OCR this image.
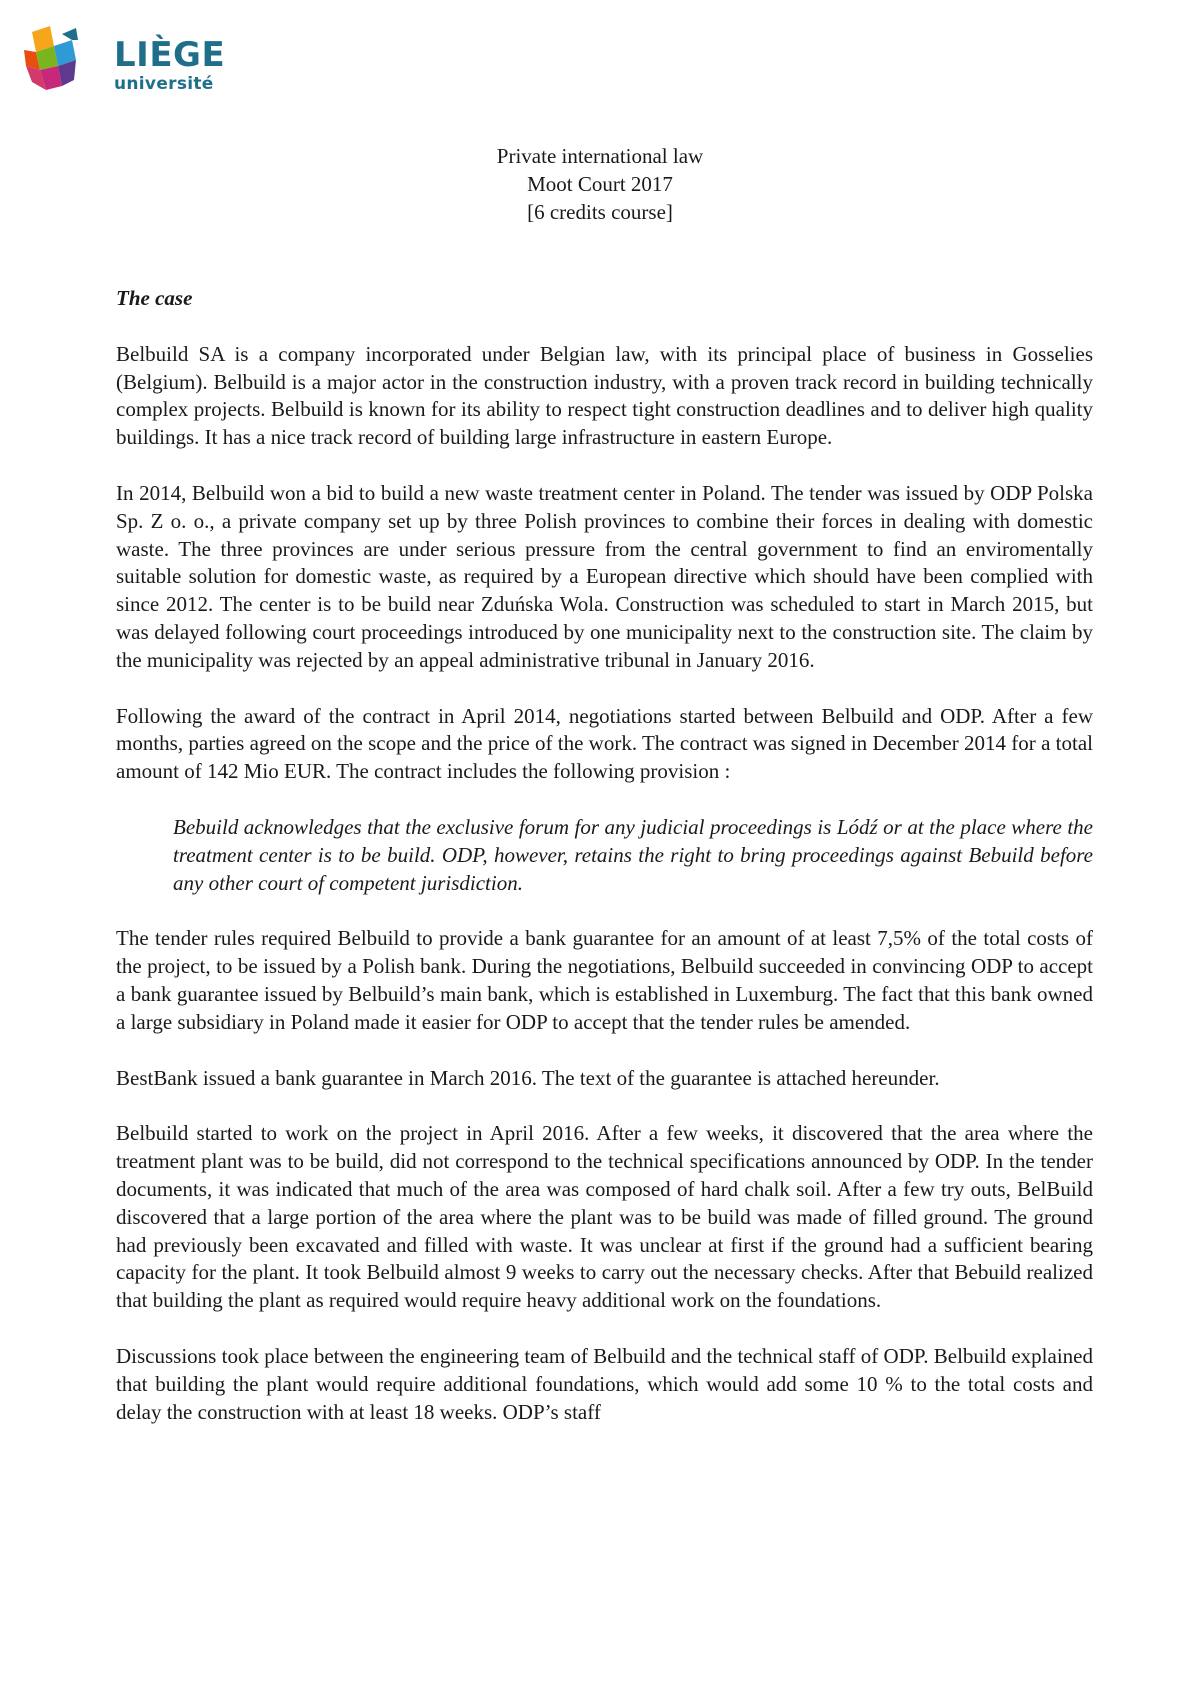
LIÈGE
université
Private international law
Moot Court 2017
[6 credits course]
The case

Belbuild SA is a company incorporated under Belgian law, with its principal place of business in Gosselies (Belgium). Belbuild is a major actor in the construction industry, with a proven track record in building technically complex projects. Belbuild is known for its ability to respect tight construction deadlines and to deliver high quality buildings. It has a nice track record of building large infrastructure in eastern Europe.

In 2014, Belbuild won a bid to build a new waste treatment center in Poland. The tender was issued by ODP Polska Sp. Z o. o., a private company set up by three Polish provinces to combine their forces in dealing with domestic waste. The three provinces are under serious pressure from the central government to find an enviromentally suitable solution for domestic waste, as required by a European directive which should have been complied with since 2012. The center is to be build near Zduńska Wola. Construction was scheduled to start in March 2015, but was delayed following court proceedings introduced by one municipality next to the construction site. The claim by the municipality was rejected by an appeal administrative tribunal in January 2016.

Following the award of the contract in April 2014, negotiations started between Belbuild and ODP. After a few months, parties agreed on the scope and the price of the work. The contract was signed in December 2014 for a total amount of 142 Mio EUR. The contract includes the following provision :

Bebuild acknowledges that the exclusive forum for any judicial proceedings is Lódź or at the place where the treatment center is to be build. ODP, however, retains the right to bring proceedings against Bebuild before any other court of competent jurisdiction.

The tender rules required Belbuild to provide a bank guarantee for an amount of at least 7,5% of the total costs of the project, to be issued by a Polish bank. During the negotiations, Belbuild succeeded in convincing ODP to accept a bank guarantee issued by Belbuild’s main bank, which is established in Luxemburg. The fact that this bank owned a large subsidiary in Poland made it easier for ODP to accept that the tender rules be amended.

BestBank issued a bank guarantee in March 2016. The text of the guarantee is attached hereunder.

Belbuild started to work on the project in April 2016. After a few weeks, it discovered that the area where the treatment plant was to be build, did not correspond to the technical specifications announced by ODP. In the tender documents, it was indicated that much of the area was composed of hard chalk soil. After a few try outs, BelBuild discovered that a large portion of the area where the plant was to be build was made of filled ground. The ground had previously been excavated and filled with waste. It was unclear at first if the ground had a sufficient bearing capacity for the plant. It took Belbuild almost 9 weeks to carry out the necessary checks. After that Bebuild realized that building the plant as required would require heavy additional work on the foundations.

Discussions took place between the engineering team of Belbuild and the technical staff of ODP. Belbuild explained that building the plant would require additional foundations, which would add some 10 % to the total costs and delay the construction with at least 18 weeks. ODP’s staff
